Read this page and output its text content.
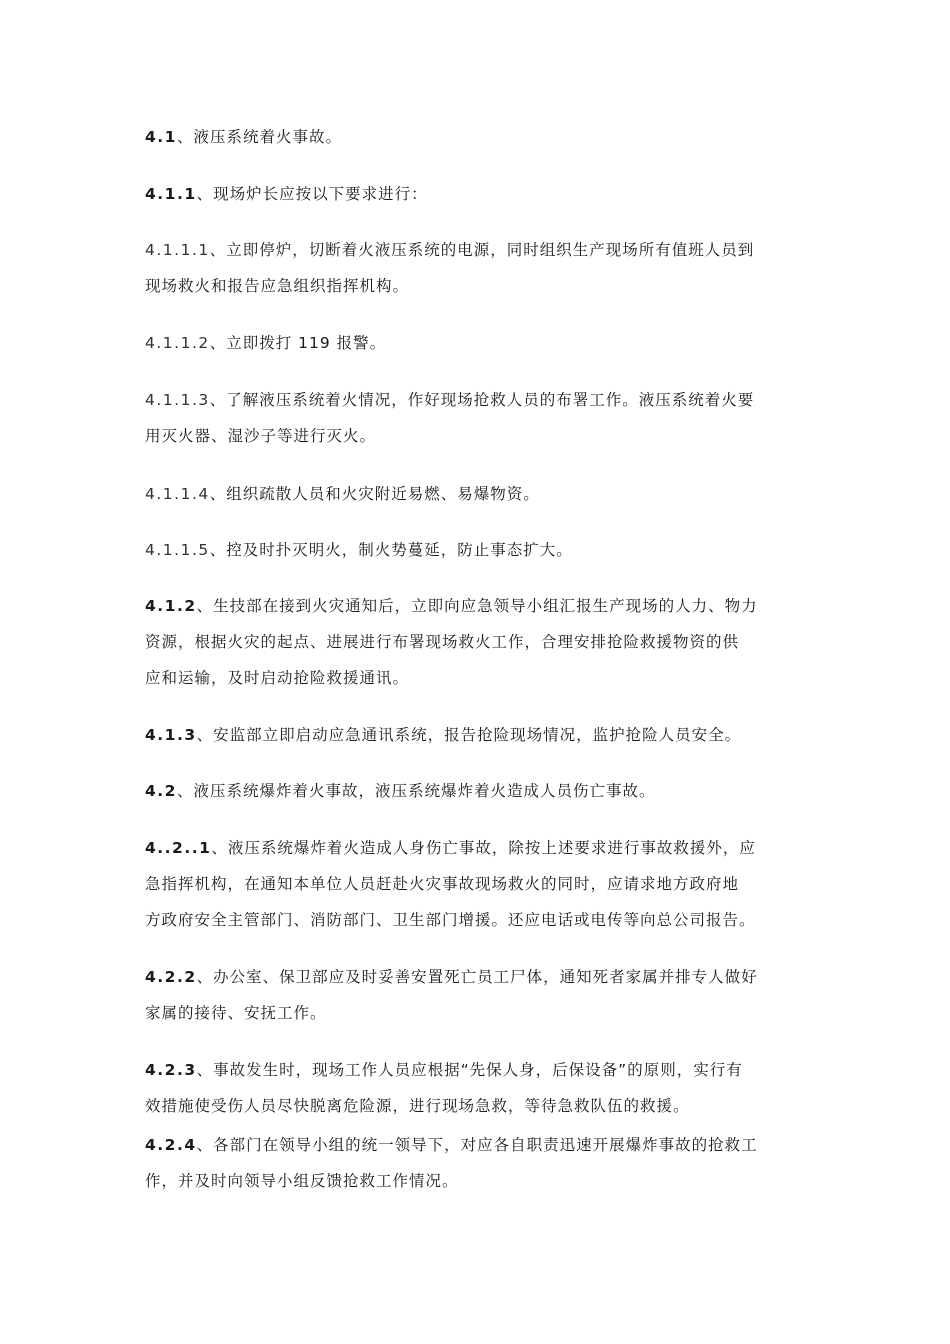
4.1、液压系统着火事故。
4.1.1、现场炉长应按以下要求进行：
4.1.1.1、立即停炉，切断着火液压系统的电源，同时组织生产现场所有值班人员到
现场救火和报告应急组织指挥机构。
4.1.1.2、立即拨打 119 报警。
4.1.1.3、了解液压系统着火情况，作好现场抢救人员的布署工作。液压系统着火要
用灭火器、湿沙子等进行灭火。
4.1.1.4、组织疏散人员和火灾附近易燃、易爆物资。
4.1.1.5、控及时扑灭明火，制火势蔓延，防止事态扩大。
4.1.2、生技部在接到火灾通知后，立即向应急领导小组汇报生产现场的人力、物力
资源，根据火灾的起点、进展进行布署现场救火工作，合理安排抢险救援物资的供
应和运输，及时启动抢险救援通讯。
4.1.3、安监部立即启动应急通讯系统，报告抢险现场情况，监护抢险人员安全。
4.2、液压系统爆炸着火事故，液压系统爆炸着火造成人员伤亡事故。
4..2..1、液压系统爆炸着火造成人身伤亡事故，除按上述要求进行事故救援外，应
急指挥机构，在通知本单位人员赶赴火灾事故现场救火的同时，应请求地方政府地
方政府安全主管部门、消防部门、卫生部门增援。还应电话或电传等向总公司报告。
4.2.2、办公室、保卫部应及时妥善安置死亡员工尸体，通知死者家属并排专人做好
家属的接待、安抚工作。
4.2.3、事故发生时，现场工作人员应根据“先保人身，后保设备”的原则，实行有
效措施使受伤人员尽快脱离危险源，进行现场急救，等待急救队伍的救援。
4.2.4、各部门在领导小组的统一领导下，对应各自职责迅速开展爆炸事故的抢救工
作，并及时向领导小组反馈抢救工作情况。
